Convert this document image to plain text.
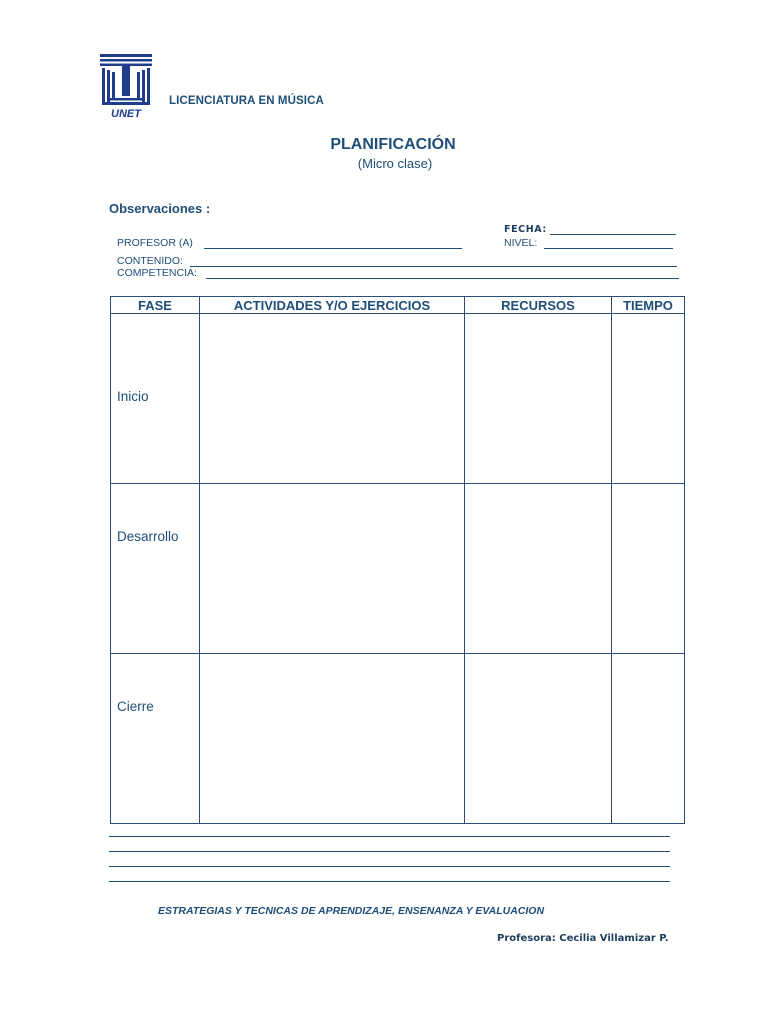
UNET
LICENCIATURA EN MÚSICA
PLANIFICACIÓN
(Micro clase)
Observaciones :
FECHA:
PROFESOR (A)	NIVEL:
CONTENIDO:
COMPETENCIA:
FASE	ACTIVIDADES Y/O EJERCICIOS	RECURSOS	TIEMPO

Inicio			

Desarrollo			

Cierre			

ESTRATEGIAS Y TECNICAS DE APRENDIZAJE, ENSENANZA Y EVALUACION
Profesora: Cecilia Villamizar P.
